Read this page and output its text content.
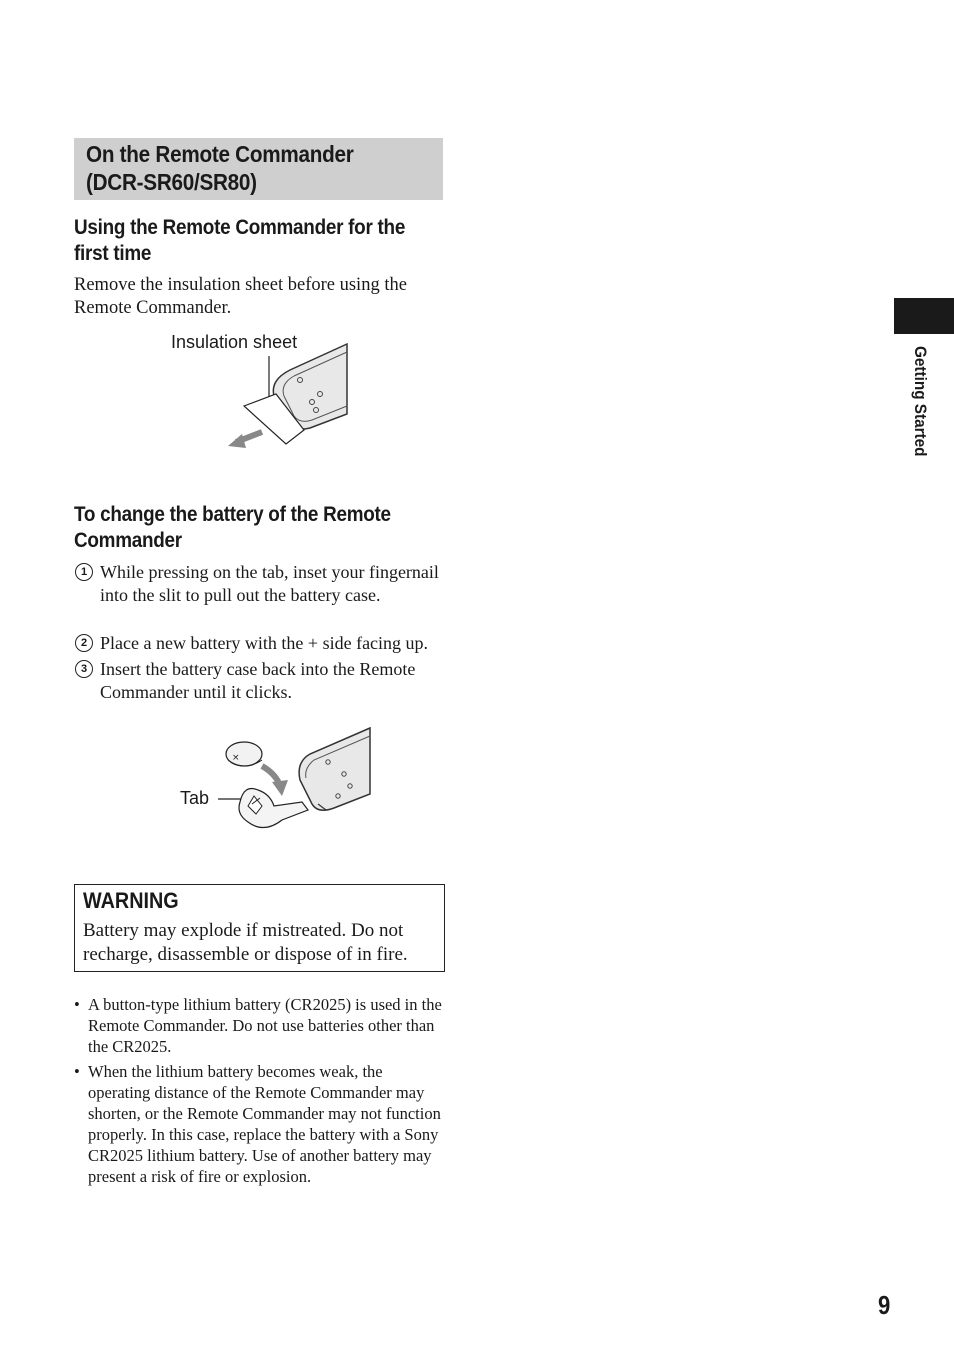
On the Remote Commander
(DCR-SR60/SR80)
Using the Remote Commander for the
first time

Remove the insulation sheet before using the Remote Commander.

Insulation sheet
To change the battery of the Remote
Commander
1 While pressing on the tab, inset your fingernail into the slit to pull out the battery case.
2 Place a new battery with the + side facing up.
3 Insert the battery case back into the Remote Commander until it clicks.
Tab
×
WARNING

Battery may explode if mistreated. Do not recharge, disassemble or dispose of in fire.

• A button-type lithium battery (CR2025) is used in the Remote Commander. Do not use batteries other than the CR2025.
• When the lithium battery becomes weak, the operating distance of the Remote Commander may shorten, or the Remote Commander may not function properly. In this case, replace the battery with a Sony CR2025 lithium battery. Use of another battery may present a risk of fire or explosion.
Getting Started
9
